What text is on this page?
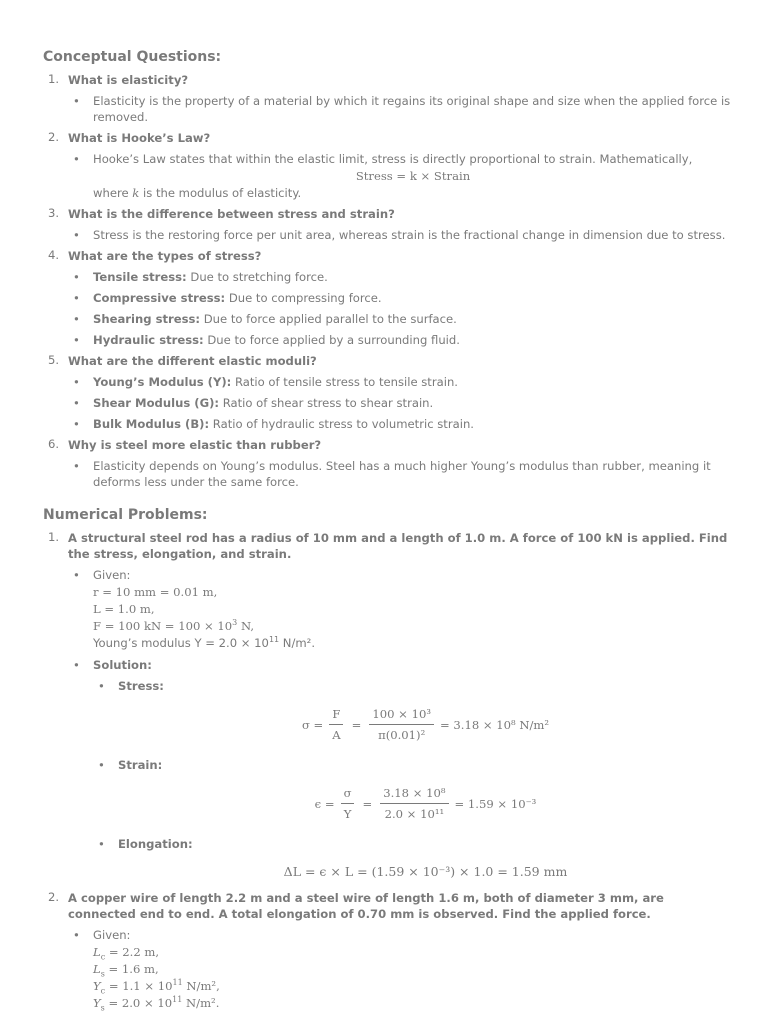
Conceptual Questions:
1. What is elasticity?
• Elasticity is the property of a material by which it regains its original shape and size when the applied force is removed.
2. What is Hooke’s Law?
• Hooke’s Law states that within the elastic limit, stress is directly proportional to strain. Mathematically,
Stress = k × Strain
where k is the modulus of elasticity.
3. What is the difference between stress and strain?
• Stress is the restoring force per unit area, whereas strain is the fractional change in dimension due to stress.
4. What are the types of stress?
• Tensile stress: Due to stretching force.
• Compressive stress: Due to compressing force.
• Shearing stress: Due to force applied parallel to the surface.
• Hydraulic stress: Due to force applied by a surrounding fluid.
5. What are the different elastic moduli?
• Young’s Modulus (Y): Ratio of tensile stress to tensile strain.
• Shear Modulus (G): Ratio of shear stress to shear strain.
• Bulk Modulus (B): Ratio of hydraulic stress to volumetric strain.
6. Why is steel more elastic than rubber?
• Elasticity depends on Young’s modulus. Steel has a much higher Young’s modulus than rubber, meaning it deforms less under the same force.
Numerical Problems:
1. A structural steel rod has a radius of 10 mm and a length of 1.0 m. A force of 100 kN is applied. Find the stress, elongation, and strain.
• Given:
r = 10 mm = 0.01 m,
L = 1.0 m,
F = 100 kN = $100 \times 10^3$ N,
Young’s modulus $Y = 2.0 \times 10^{11}$ N/m².
• Solution:
• Stress:
$\sigma = \frac{F}{A} = \frac{\text{100 × 10³}}{\text{π(0.01)²}} = 3.18 \times 10^8$ N/m²
• Strain:
$\epsilon = \frac{\sigma}{Y} = \frac{\text{3.18 × 10⁸}}{\text{2.0 × 10¹¹}} = 1.59 \times 10^{-3}$
• Elongation:
ΔL = ϵ × L = (1.59 × 10⁻³) × 1.0 = 1.59 mm
2. A copper wire of length 2.2 m and a steel wire of length 1.6 m, both of diameter 3 mm, are connected end to end. A total elongation of 0.70 mm is observed. Find the applied force.
• Given:
$L_c = 2.2$ m,
$L_s = 1.6$ m,
$Y_c = 1.1 \times 10^{11}$ N/m²,
$Y_s = 2.0 \times 10^{11}$ N/m².
